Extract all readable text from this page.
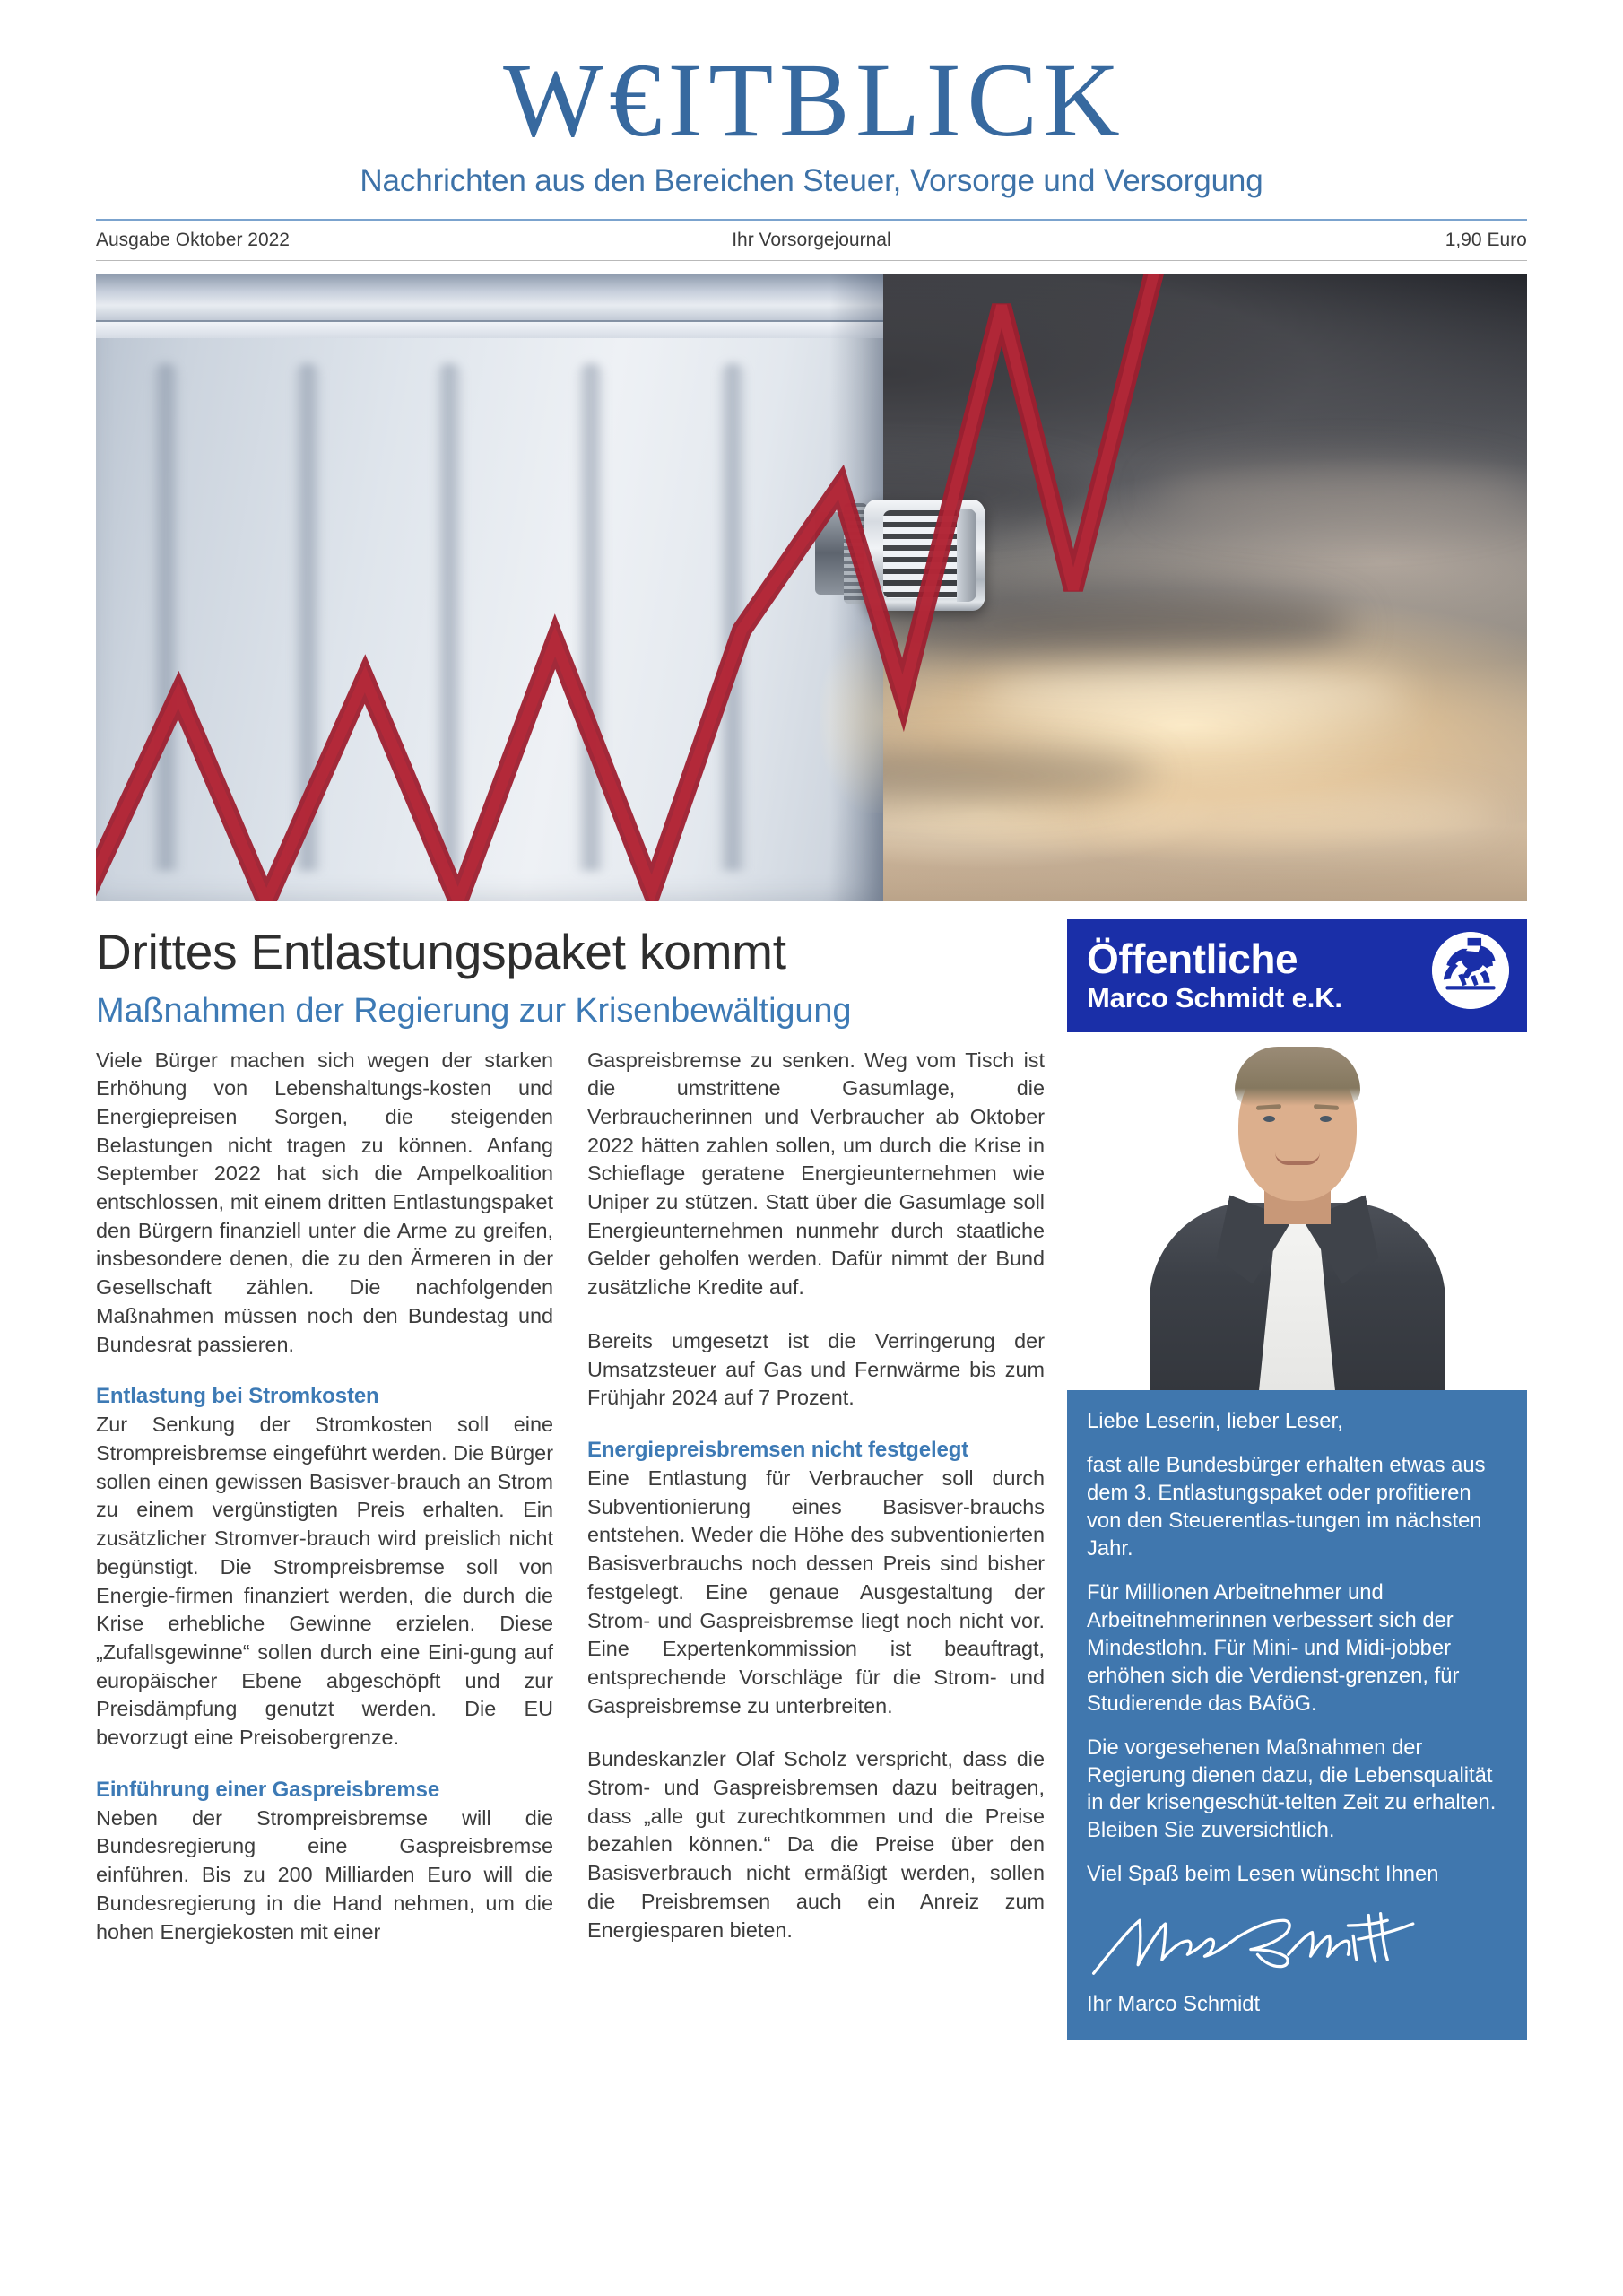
W€ITBLICK
Nachrichten aus den Bereichen Steuer, Vorsorge und Versorgung
Ausgabe Oktober 2022	Ihr Vorsorgejournal	1,90 Euro
Drittes Entlastungspaket kommt
Maßnahmen der Regierung zur Krisenbewältigung

Viele Bürger machen sich wegen der starken Erhöhung von Lebenshaltungs-kosten und Energiepreisen Sorgen, die steigenden Belastungen nicht tragen zu können. Anfang September 2022 hat sich die Ampelkoalition entschlossen, mit einem dritten Entlastungspaket den Bürgern finanziell unter die Arme zu greifen, insbesondere denen, die zu den Ärmeren in der Gesellschaft zählen. Die nachfolgenden Maßnahmen müssen noch den Bundestag und Bundesrat passieren.

Entlastung bei Stromkosten

Zur Senkung der Stromkosten soll eine Strompreisbremse eingeführt werden. Die Bürger sollen einen gewissen Basisver-brauch an Strom zu einem vergünstigten Preis erhalten. Ein zusätzlicher Stromver-brauch wird preislich nicht begünstigt. Die Strompreisbremse soll von Energie-firmen finanziert werden, die durch die Krise erhebliche Gewinne erzielen. Diese „Zufallsgewinne“ sollen durch eine Eini-gung auf europäischer Ebene abgeschöpft und zur Preisdämpfung genutzt werden. Die EU bevorzugt eine Preisobergrenze.

Einführung einer Gaspreisbremse

Neben der Strompreisbremse will die Bundesregierung eine Gaspreisbremse einführen. Bis zu 200 Milliarden Euro will die Bundesregierung in die Hand nehmen, um die hohen Energiekosten mit einer

Gaspreisbremse zu senken. Weg vom Tisch ist die umstrittene Gasumlage, die Verbraucherinnen und Verbraucher ab Oktober 2022 hätten zahlen sollen, um durch die Krise in Schieflage geratene Energieunternehmen wie Uniper zu stützen. Statt über die Gasumlage soll Energieunternehmen nunmehr durch staatliche Gelder geholfen werden. Dafür nimmt der Bund zusätzliche Kredite auf.

Bereits umgesetzt ist die Verringerung der Umsatzsteuer auf Gas und Fernwärme bis zum Frühjahr 2024 auf 7 Prozent.

Energiepreisbremsen nicht festgelegt

Eine Entlastung für Verbraucher soll durch Subventionierung eines Basisver-brauchs entstehen. Weder die Höhe des subventionierten Basisverbrauchs noch dessen Preis sind bisher festgelegt. Eine genaue Ausgestaltung der Strom- und Gaspreisbremse liegt noch nicht vor. Eine Expertenkommission ist beauftragt, entsprechende Vorschläge für die Strom- und Gaspreisbremse zu unterbreiten.

Bundeskanzler Olaf Scholz verspricht, dass die Strom- und Gaspreisbremsen dazu beitragen, dass „alle gut zurechtkommen und die Preise bezahlen können.“ Da die Preise über den Basisverbrauch nicht ermäßigt werden, sollen die Preisbremsen auch ein Anreiz zum Energiesparen bieten.

Öffentliche
Marco Schmidt e.K.

Liebe Leserin, lieber Leser,

fast alle Bundesbürger erhalten etwas aus dem 3. Entlastungspaket oder profitieren von den Steuerentlas-tungen im nächsten Jahr.

Für Millionen Arbeitnehmer und Arbeitnehmerinnen verbessert sich der Mindestlohn. Für Mini- und Midi-jobber erhöhen sich die Verdienst-grenzen, für Studierende das BAföG.

Die vorgesehenen Maßnahmen der Regierung dienen dazu, die Lebensqualität in der krisengeschüt-telten Zeit zu erhalten. Bleiben Sie zuversichtlich.

Viel Spaß beim Lesen wünscht Ihnen

Ihr Marco Schmidt
